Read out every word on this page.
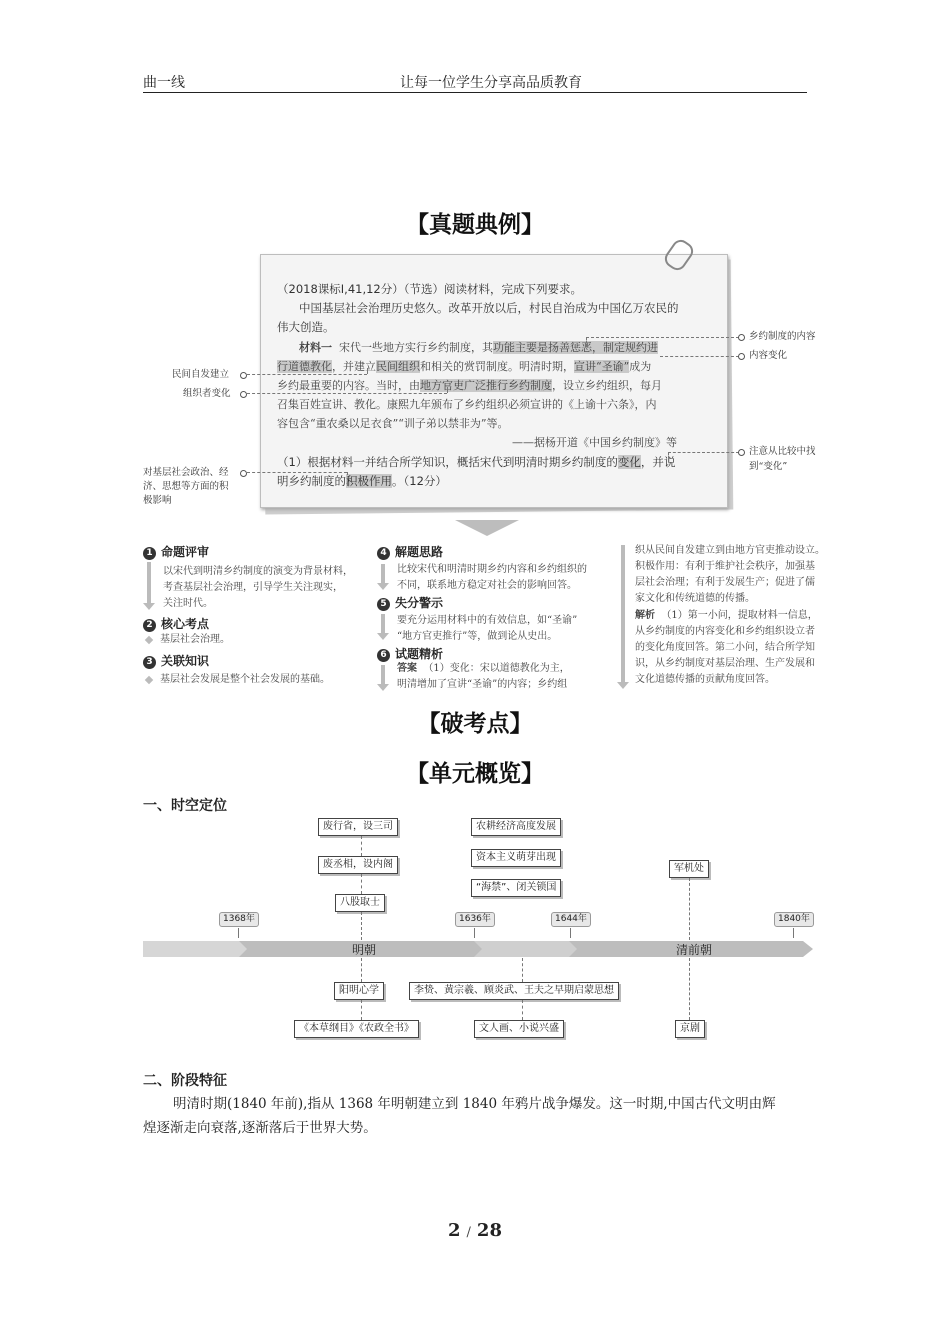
曲一线	让每一位学生分享高品质教育
【真题典例】
（2018课标Ⅰ,41,12分）（节选）阅读材料，完成下列要求。
中国基层社会治理历史悠久。改革开放以后，村民自治成为中国亿万农民的
伟大创造。
材料一 宋代一些地方实行乡约制度，其功能主要是扬善惩恶，制定规约进
行道德教化，并建立民间组织和相关的赏罚制度。明清时期，宣讲“圣谕”成为
乡约最重要的内容。当时，由地方官吏广泛推行乡约制度，设立乡约组织，每月
召集百姓宣讲、教化。康熙九年颁布了乡约组织必须宣讲的《上谕十六条》，内
容包含“重农桑以足衣食”“训子弟以禁非为”等。
——据杨开道《中国乡约制度》等
（1）根据材料一并结合所学知识，概括宋代到明清时期乡约制度的变化，并说
明乡约制度的积极作用。（12分）
乡约制度的内容
内容变化
注意从比较中找
到“变化”
民间自发建立
组织者变化
对基层社会政治、经
济、思想等方面的积
极影响
1 命题评审
以宋代到明清乡约制度的演变为背景材料，
考查基层社会治理，引导学生关注现实，
关注时代。
2 核心考点
基层社会治理。
3 关联知识
基层社会发展是整个社会发展的基础。
4 解题思路
比较宋代和明清时期乡约内容和乡约组织的
不同，联系地方稳定对社会的影响回答。
5 失分警示
要充分运用材料中的有效信息，如“圣谕”
“地方官吏推行”等，做到论从史出。
6 试题精析
答案 （1）变化：宋以道德教化为主，
明清增加了宣讲“圣谕”的内容；乡约组
织从民间自发建立到由地方官吏推动设立。
积极作用：有利于维护社会秩序，加强基
层社会治理；有利于发展生产；促进了儒
家文化和传统道德的传播。
解析 （1）第一小问，提取材料一信息，
从乡约制度的内容变化和乡约组织设立者
的变化角度回答。第二小问，结合所学知
识，从乡约制度对基层治理、生产发展和
文化道德传播的贡献角度回答。
【破考点】
【单元概览】
一、时空定位
明朝	清前朝
1368年	1636年	1644年	1840年
废行省，设三司
废丞相，设内阁
八股取士
农耕经济高度发展
资本主义萌芽出现
“海禁”、闭关锁国
军机处
阳明心学
《本草纲目》《农政全书》
李贽、黄宗羲、顾炎武、王夫之早期启蒙思想
文人画、小说兴盛	京剧
二、阶段特征
明清时期(1840 年前),指从 1368 年明朝建立到 1840 年鸦片战争爆发。这一时期,中国古代文明由辉
煌逐渐走向衰落,逐渐落后于世界大势。
2 / 28
